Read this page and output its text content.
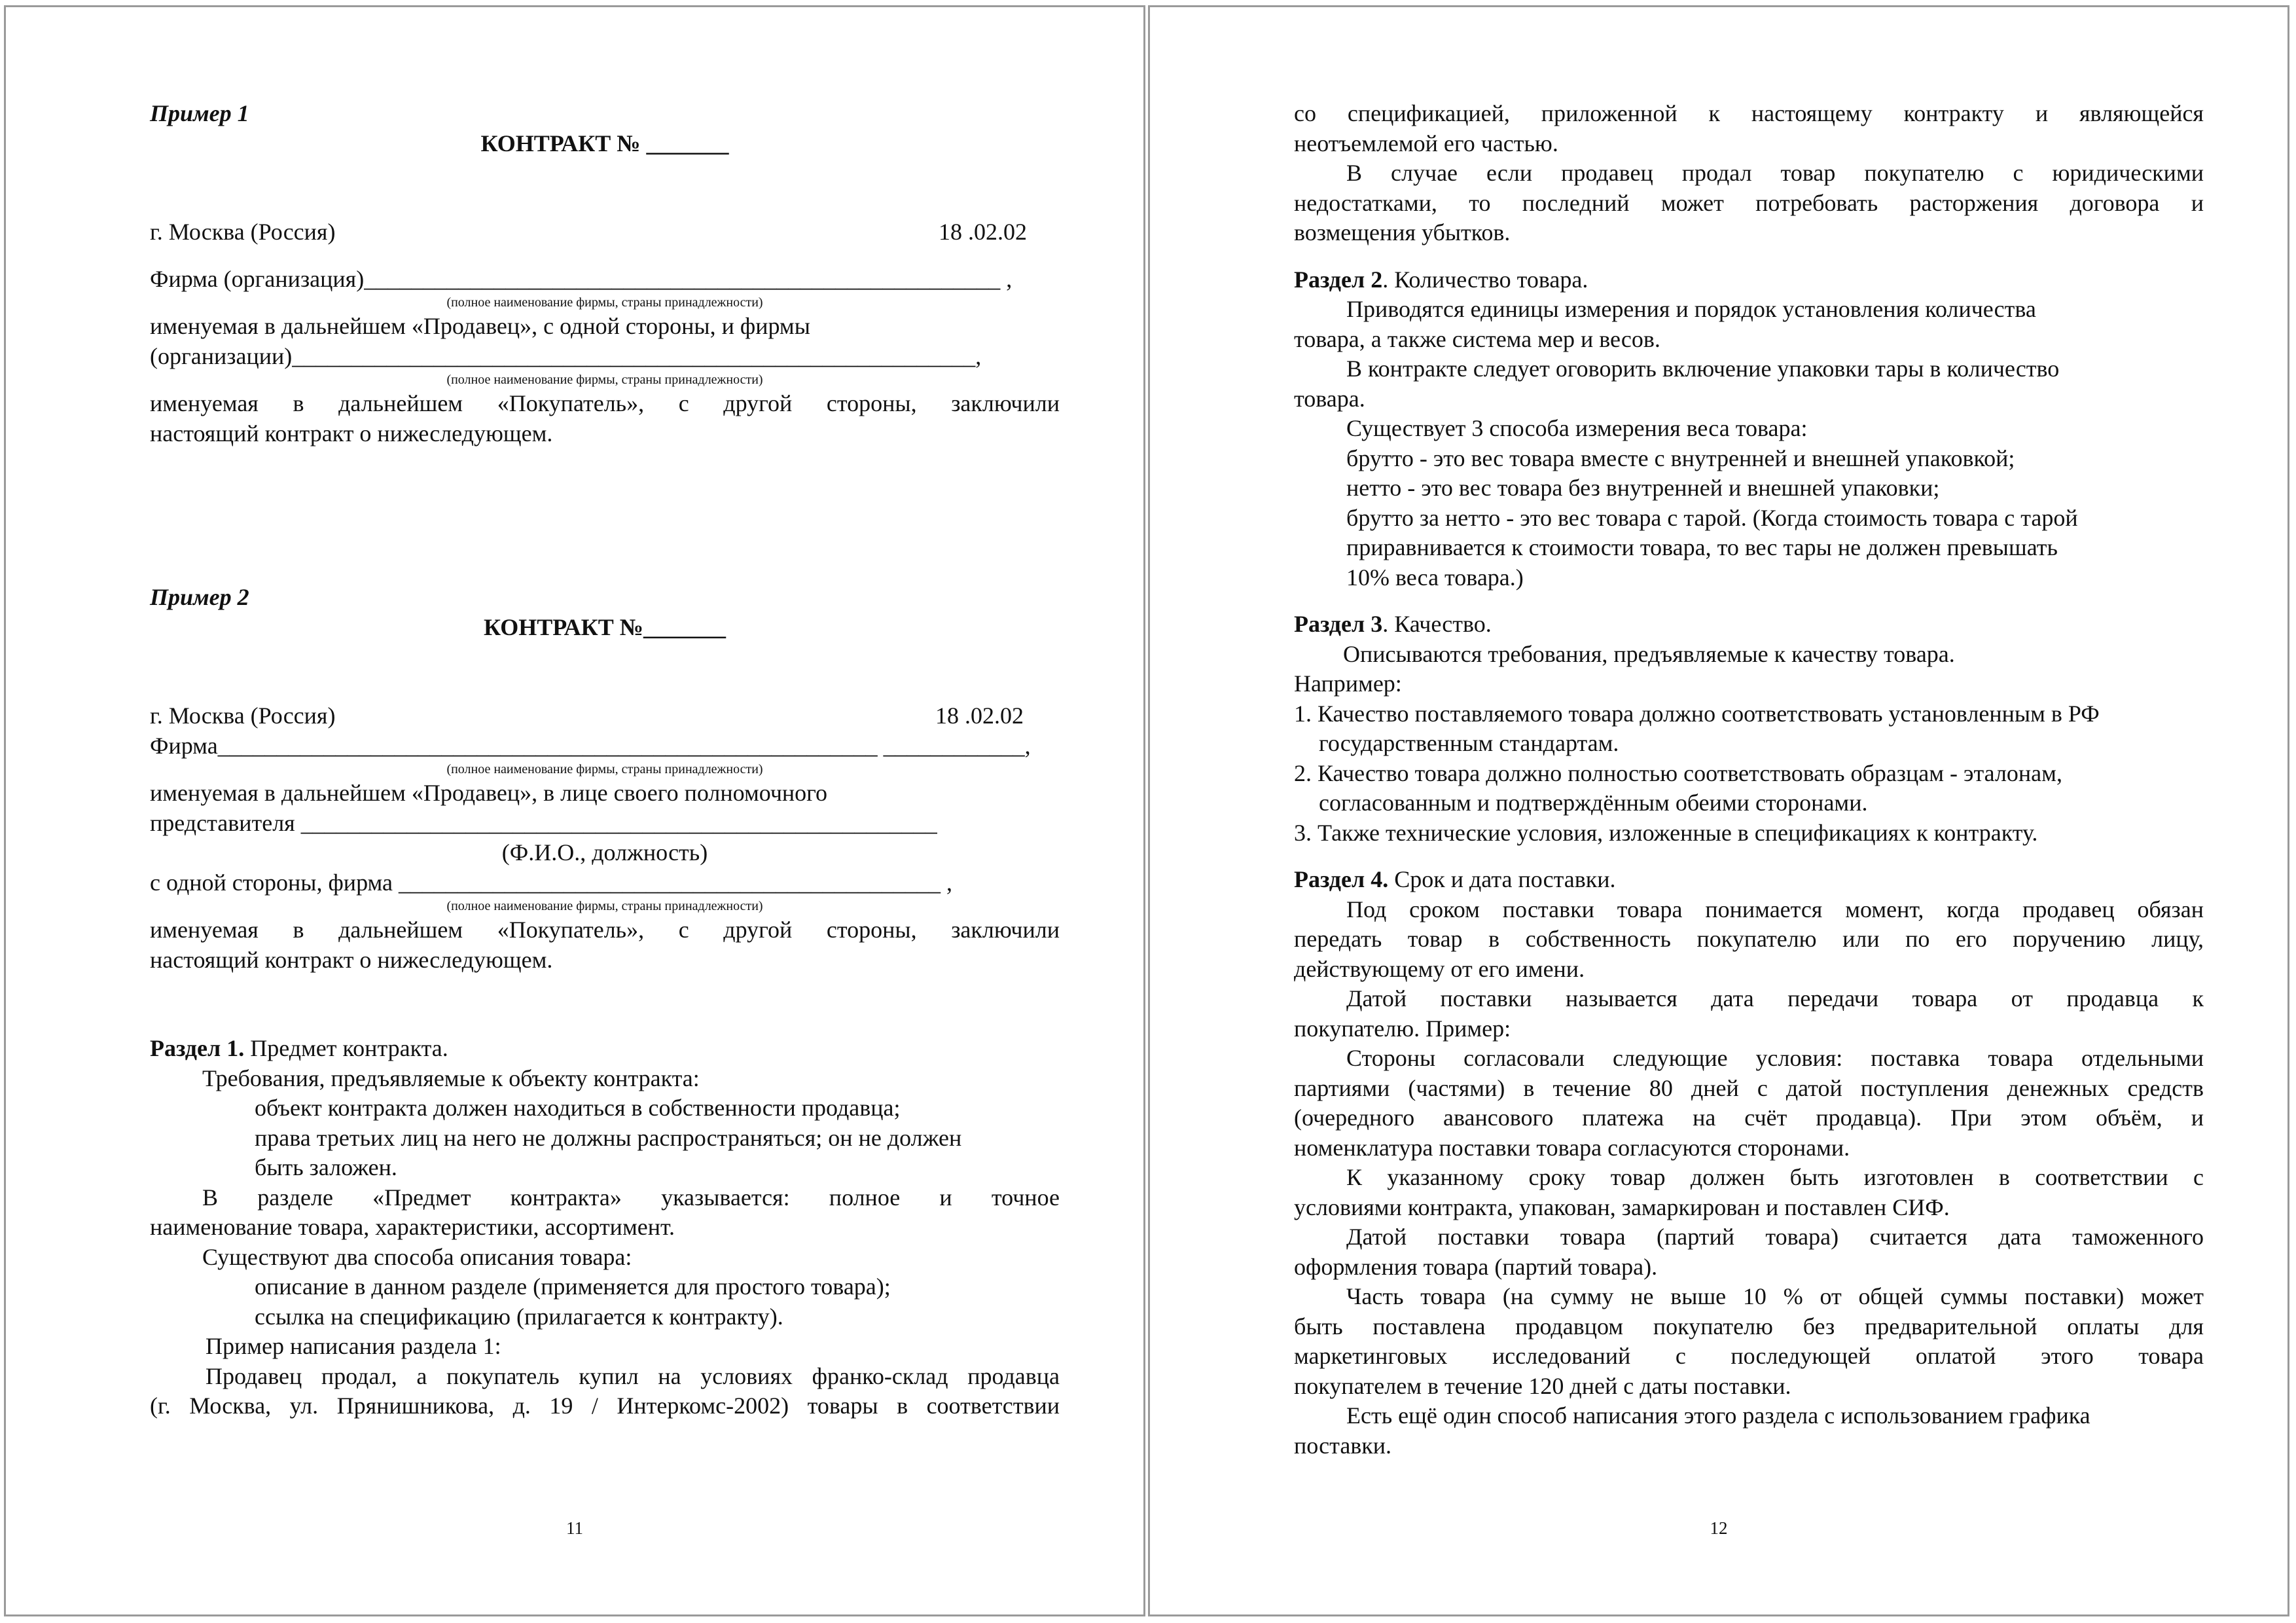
Пример 1
КОНТРАКТ № _______
г. Москва (Россия)	18 .02.02
Фирма (организация)______________________________________________________ ,
(полное наименование фирмы, страны принадлежности)
именуемая в дальнейшем «Продавец», с одной стороны, и фирмы
(организации)__________________________________________________________,
(полное наименование фирмы, страны принадлежности)
именуемая в дальнейшем «Покупатель», с другой стороны, заключили
настоящий контракт о нижеследующем.
Пример 2
КОНТРАКТ №_______
г. Москва (Россия)	18 .02.02
Фирма________________________________________________________ ____________,
(полное наименование фирмы, страны принадлежности)
именуемая в дальнейшем «Продавец», в лице своего полномочного
представителя ______________________________________________________
(Ф.И.О., должность)
с одной стороны, фирма ______________________________________________ ,
(полное наименование фирмы, страны принадлежности)
именуемая в дальнейшем «Покупатель», с другой стороны, заключили
настоящий контракт о нижеследующем.
Раздел 1. Предмет контракта.
Требования, предъявляемые к объекту контракта:
объект контракта должен находиться в собственности продавца;
права третьих лиц на него не должны распространяться; он не должен
быть заложен.
В разделе «Предмет контракта» указывается: полное и точное
наименование товара, характеристики, ассортимент.
Существуют два способа описания товара:
описание в данном разделе (применяется для простого товара);
ссылка на спецификацию (прилагается к контракту).
Пример написания раздела 1:
Продавец продал, а покупатель купил на условиях франко-склад продавца
(г. Москва, ул. Прянишникова, д. 19 / Интеркомс-2002) товары в соответствии
11
со спецификацией, приложенной к настоящему контракту и являющейся
неотъемлемой его частью.
В случае если продавец продал товар покупателю с юридическими
недостатками, то последний может потребовать расторжения договора и
возмещения убытков.
Раздел 2. Количество товара.
Приводятся единицы измерения и порядок установления количества
товара, а также система мер и весов.
В контракте следует оговорить включение упаковки тары в количество
товара.
Существует 3 способа измерения веса товара:
брутто - это вес товара вместе с внутренней и внешней упаковкой;
нетто - это вес товара без внутренней и внешней упаковки;
брутто за нетто - это вес товара с тарой. (Когда стоимость товара с тарой
приравнивается к стоимости товара, то вес тары не должен превышать
10% веса товара.)
Раздел 3. Качество.
Описываются требования, предъявляемые к качеству товара.
Например:
1. Качество поставляемого товара должно соответствовать установленным в РФ
государственным стандартам.
2. Качество товара должно полностью соответствовать образцам - эталонам,
согласованным и подтверждённым обеими сторонами.
3. Также технические условия, изложенные в спецификациях к контракту.
Раздел 4. Срок и дата поставки.
Под сроком поставки товара понимается момент, когда продавец обязан
передать товар в собственность покупателю или по его поручению лицу,
действующему от его имени.
Датой поставки называется дата передачи товара от продавца к
покупателю. Пример:
Стороны согласовали следующие условия: поставка товара отдельными
партиями (частями) в течение 80 дней с датой поступления денежных средств
(очередного авансового платежа на счёт продавца). При этом объём, и
номенклатура поставки товара согласуются сторонами.
К указанному сроку товар должен быть изготовлен в соответствии с
условиями контракта, упакован, замаркирован и поставлен СИФ.
Датой поставки товара (партий товара) считается дата таможенного
оформления товара (партий товара).
Часть товара (на сумму не выше 10 % от общей суммы поставки) может
быть поставлена продавцом покупателю без предварительной оплаты для
маркетинговых исследований с последующей оплатой этого товара
покупателем в течение 120 дней с даты поставки.
Есть ещё один способ написания этого раздела с использованием графика
поставки.
12
